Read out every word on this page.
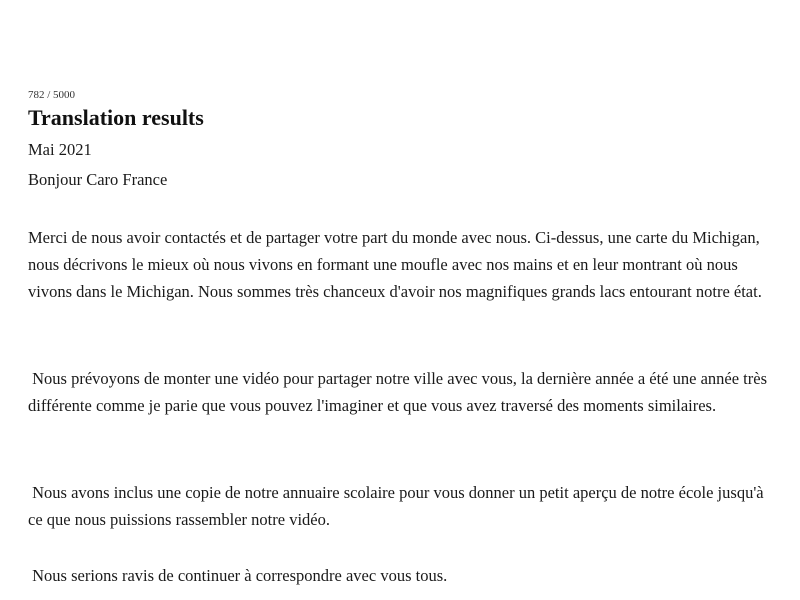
782 / 5000
Translation results

Mai 2021

Bonjour Caro France

Merci de nous avoir contactés et de partager votre part du monde avec nous. Ci-dessus, une carte du Michigan, nous décrivons le mieux où nous vivons en formant une moufle avec nos mains et en leur montrant où nous vivons dans le Michigan. Nous sommes très chanceux d'avoir nos magnifiques grands lacs entourant notre état.

Nous prévoyons de monter une vidéo pour partager notre ville avec vous, la dernière année a été une année très différente comme je parie que vous pouvez l'imaginer et que vous avez traversé des moments similaires.

Nous avons inclus une copie de notre annuaire scolaire pour vous donner un petit aperçu de notre école jusqu'à ce que nous puissions rassembler notre vidéo.

Nous serions ravis de continuer à correspondre avec vous tous.
